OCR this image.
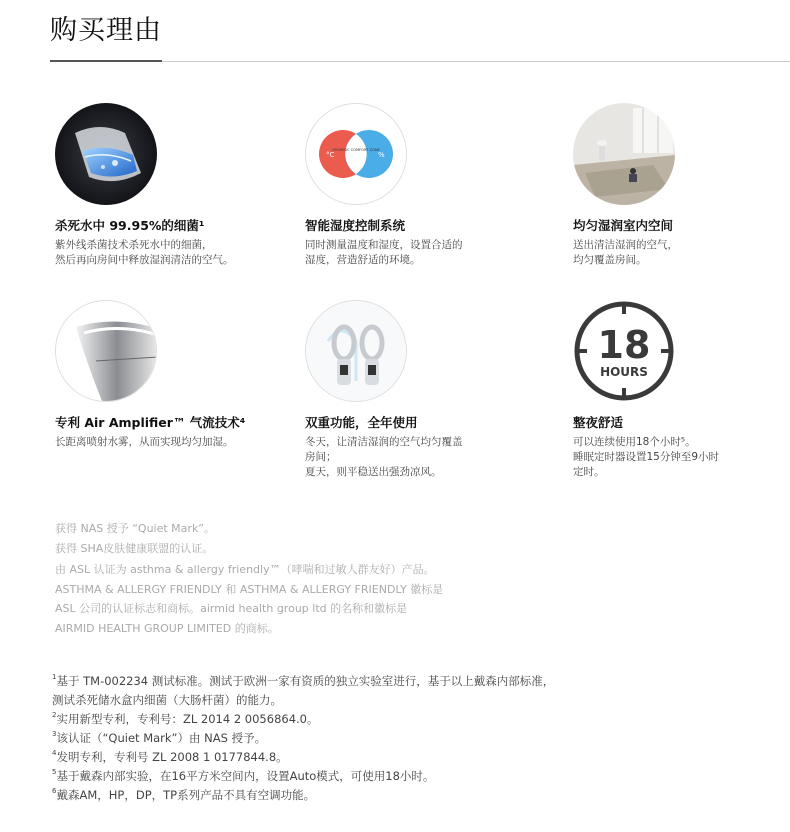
购买理由
杀死水中 99.95%的细菌¹
紫外线杀菌技术杀死水中的细菌，
然后再向房间中释放湿润清洁的空气。
°C	%
HYGIENIC COMFORT ZONE
智能湿度控制系统
同时测量温度和湿度，设置合适的
湿度，营造舒适的环境。
均匀湿润室内空间
送出清洁湿润的空气，
均匀覆盖房间。
专利 Air Amplifier™ 气流技术⁴
长距离喷射水雾，从而实现均匀加湿。
双重功能，全年使用
冬天，让清洁湿润的空气均匀覆盖
房间；
夏天，则平稳送出强劲凉风。
18
HOURS
整夜舒适
可以连续使用18个小时⁵。
睡眠定时器设置15分钟至9小时
定时。
获得 NAS 授予 “Quiet Mark”。
获得 SHA皮肤健康联盟的认证。
由 ASL 认证为 asthma & allergy friendly™（哮喘和过敏人群友好）产品。
ASTHMA & ALLERGY FRIENDLY 和 ASTHMA & ALLERGY FRIENDLY 徽标是
ASL 公司的认证标志和商标。airmid health group ltd 的名称和徽标是
AIRMID HEALTH GROUP LIMITED 的商标。
$^1$基于 TM-002234 测试标准。测试于欧洲一家有资质的独立实验室进行，基于以上戴森内部标准，
测试杀死储水盒内细菌（大肠杆菌）的能力。
$^2$实用新型专利，专利号：ZL 2014 2 0056864.0。
$^3$该认证（“Quiet Mark”）由 NAS 授予。
$^4$发明专利，专利号 ZL 2008 1 0177844.8。
$^5$基于戴森内部实验，在16平方米空间内，设置Auto模式，可使用18小时。
$^6$戴森AM，HP，DP，TP系列产品不具有空调功能。
